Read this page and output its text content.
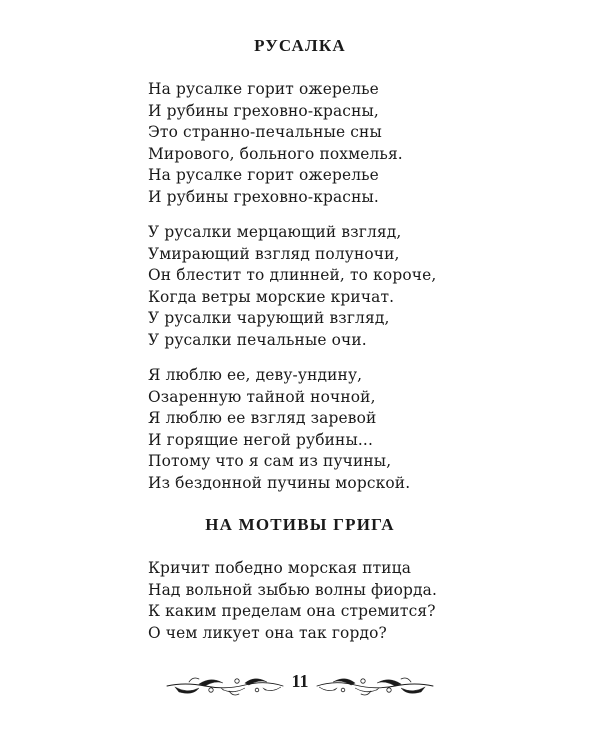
РУСАЛКА
На русалке горит ожерелье
И рубины греховно-красны,
Это странно-печальные сны
Мирового, больного похмелья.
На русалке горит ожерелье
И рубины греховно-красны.
У русалки мерцающий взгляд,
Умирающий взгляд полуночи,
Он блестит то длинней, то короче,
Когда ветры морские кричат.
У русалки чарующий взгляд,
У русалки печальные очи.
Я люблю ее, деву-ундину,
Озаренную тайной ночной,
Я люблю ее взгляд заревой
И горящие негой рубины...
Потому что я сам из пучины,
Из бездонной пучины морской.
НА МОТИВЫ ГРИГА
Кричит победно морская птица
Над вольной зыбью волны фиорда.
К каким пределам она стремится?
О чем ликует она так гордо?
11
